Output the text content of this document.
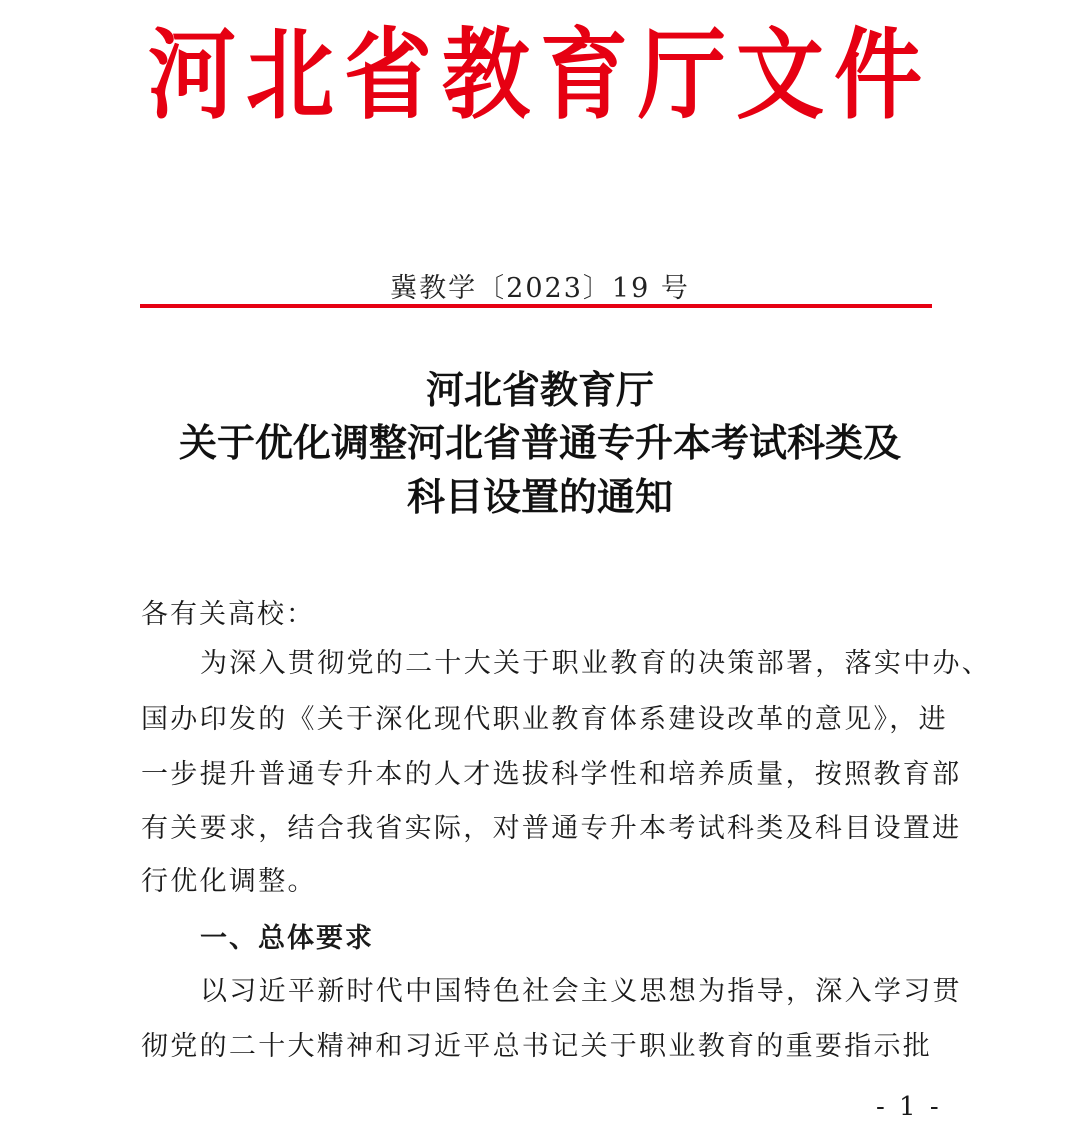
河北省教育厅文件
冀教学〔2023〕19 号
河北省教育厅
关于优化调整河北省普通专升本考试科类及
科目设置的通知
各有关高校：
为深入贯彻党的二十大关于职业教育的决策部署，落实中办、
国办印发的《关于深化现代职业教育体系建设改革的意见》，进
一步提升普通专升本的人才选拔科学性和培养质量，按照教育部
有关要求，结合我省实际，对普通专升本考试科类及科目设置进
行优化调整。
一、总体要求
以习近平新时代中国特色社会主义思想为指导，深入学习贯
彻党的二十大精神和习近平总书记关于职业教育的重要指示批
- 1 -
